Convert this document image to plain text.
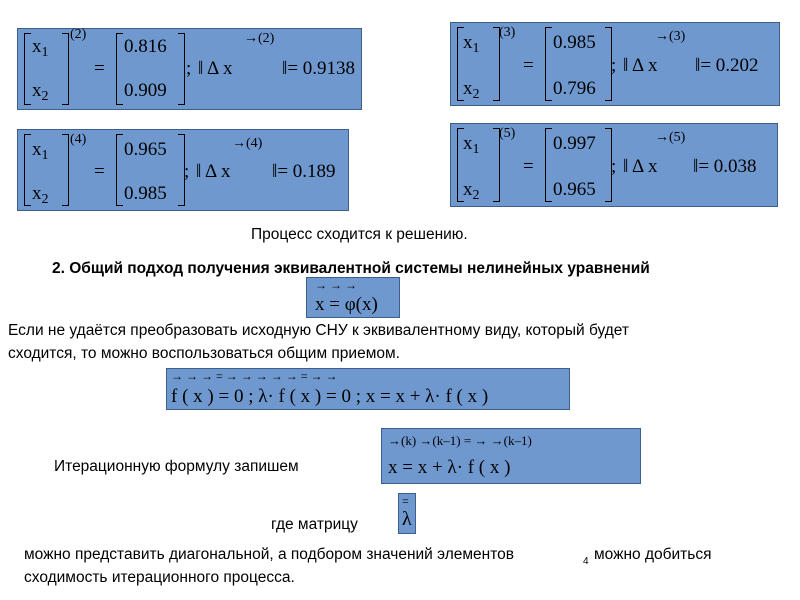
$x_1$
$x_2$
(2)
=
0.816
0.909
; ‖ Δ x
→(2)
‖= 0.9138
$x_1$
$x_2$
(3)
=
0.985
0.796
; ‖ Δ x
→(3)
‖= 0.202
$x_1$
$x_2$
(4)
=
0.965
0.985
; ‖ Δ x
→(4)
‖= 0.189
$x_1$
$x_2$
(5)
=
0.997
0.965
; ‖ Δ x
→(5)
‖= 0.038
Процесс сходится к решению.
2. Общий подход получения эквивалентной системы нелинейных уравнений
→ → →
x = φ(x)
Если не удаётся преобразовать исходную СНУ к эквивалентному виду, который будет
сходится, то можно воспользоваться общим приемом.
→ → → = → → → → → = → →
f ( x ) = 0 ; λ· f ( x ) = 0 ; x = x + λ· f ( x )
Итерационную формулу запишем
→(k) →(k–1) = → →(k–1)
x = x + λ· f ( x )
где матрицу
=
λ
можно представить диагональной, а подбором значений элементов	4 можно добиться
сходимость итерационного процесса.
